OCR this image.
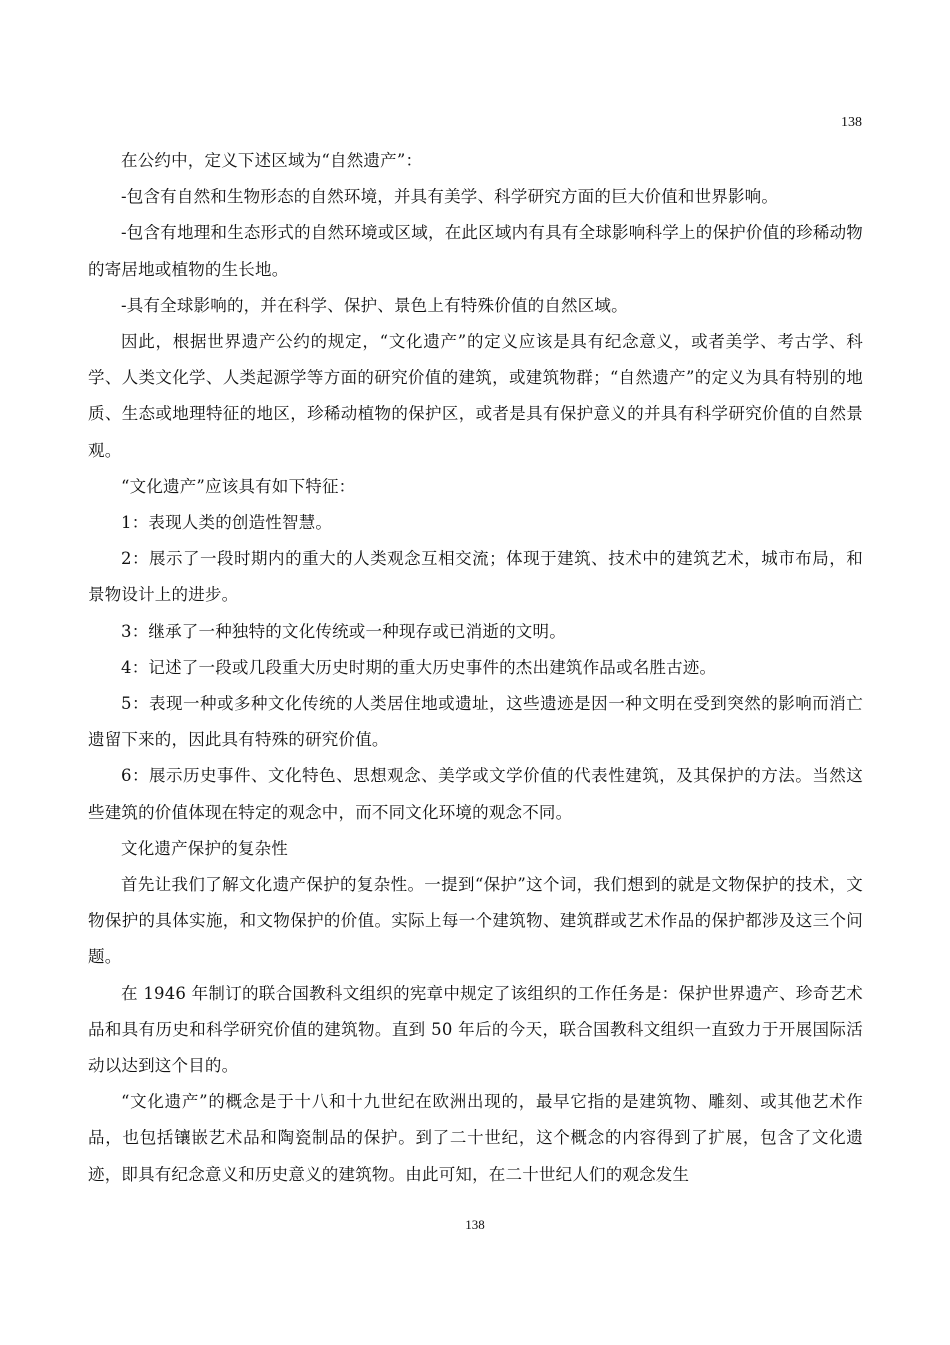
138

在公约中，定义下述区域为“自然遗产”：

-包含有自然和生物形态的自然环境，并具有美学、科学研究方面的巨大价值和世界影响。

-包含有地理和生态形式的自然环境或区域，在此区域内有具有全球影响科学上的保护价值的珍稀动物的寄居地或植物的生长地。

-具有全球影响的，并在科学、保护、景色上有特殊价值的自然区域。

因此，根据世界遗产公约的规定，“文化遗产”的定义应该是具有纪念意义，或者美学、考古学、科学、人类文化学、人类起源学等方面的研究价值的建筑，或建筑物群；“自然遗产”的定义为具有特别的地质、生态或地理特征的地区，珍稀动植物的保护区，或者是具有保护意义的并具有科学研究价值的自然景观。

“文化遗产”应该具有如下特征：

1：表现人类的创造性智慧。

2：展示了一段时期内的重大的人类观念互相交流；体现于建筑、技术中的建筑艺术，城市布局，和景物设计上的进步。

3：继承了一种独特的文化传统或一种现存或已消逝的文明。

4：记述了一段或几段重大历史时期的重大历史事件的杰出建筑作品或名胜古迹。

5：表现一种或多种文化传统的人类居住地或遗址，这些遗迹是因一种文明在受到突然的影响而消亡遗留下来的，因此具有特殊的研究价值。

6：展示历史事件、文化特色、思想观念、美学或文学价值的代表性建筑，及其保护的方法。当然这些建筑的价值体现在特定的观念中，而不同文化环境的观念不同。

文化遗产保护的复杂性

首先让我们了解文化遗产保护的复杂性。一提到“保护”这个词，我们想到的就是文物保护的技术，文物保护的具体实施，和文物保护的价值。实际上每一个建筑物、建筑群或艺术作品的保护都涉及这三个问题。

在 1946 年制订的联合国教科文组织的宪章中规定了该组织的工作任务是：保护世界遗产、珍奇艺术品和具有历史和科学研究价值的建筑物。直到 50 年后的今天，联合国教科文组织一直致力于开展国际活动以达到这个目的。

“文化遗产”的概念是于十八和十九世纪在欧洲出现的，最早它指的是建筑物、雕刻、或其他艺术作品，也包括镶嵌艺术品和陶瓷制品的保护。到了二十世纪，这个概念的内容得到了扩展，包含了文化遗迹，即具有纪念意义和历史意义的建筑物。由此可知，在二十世纪人们的观念发生

138
